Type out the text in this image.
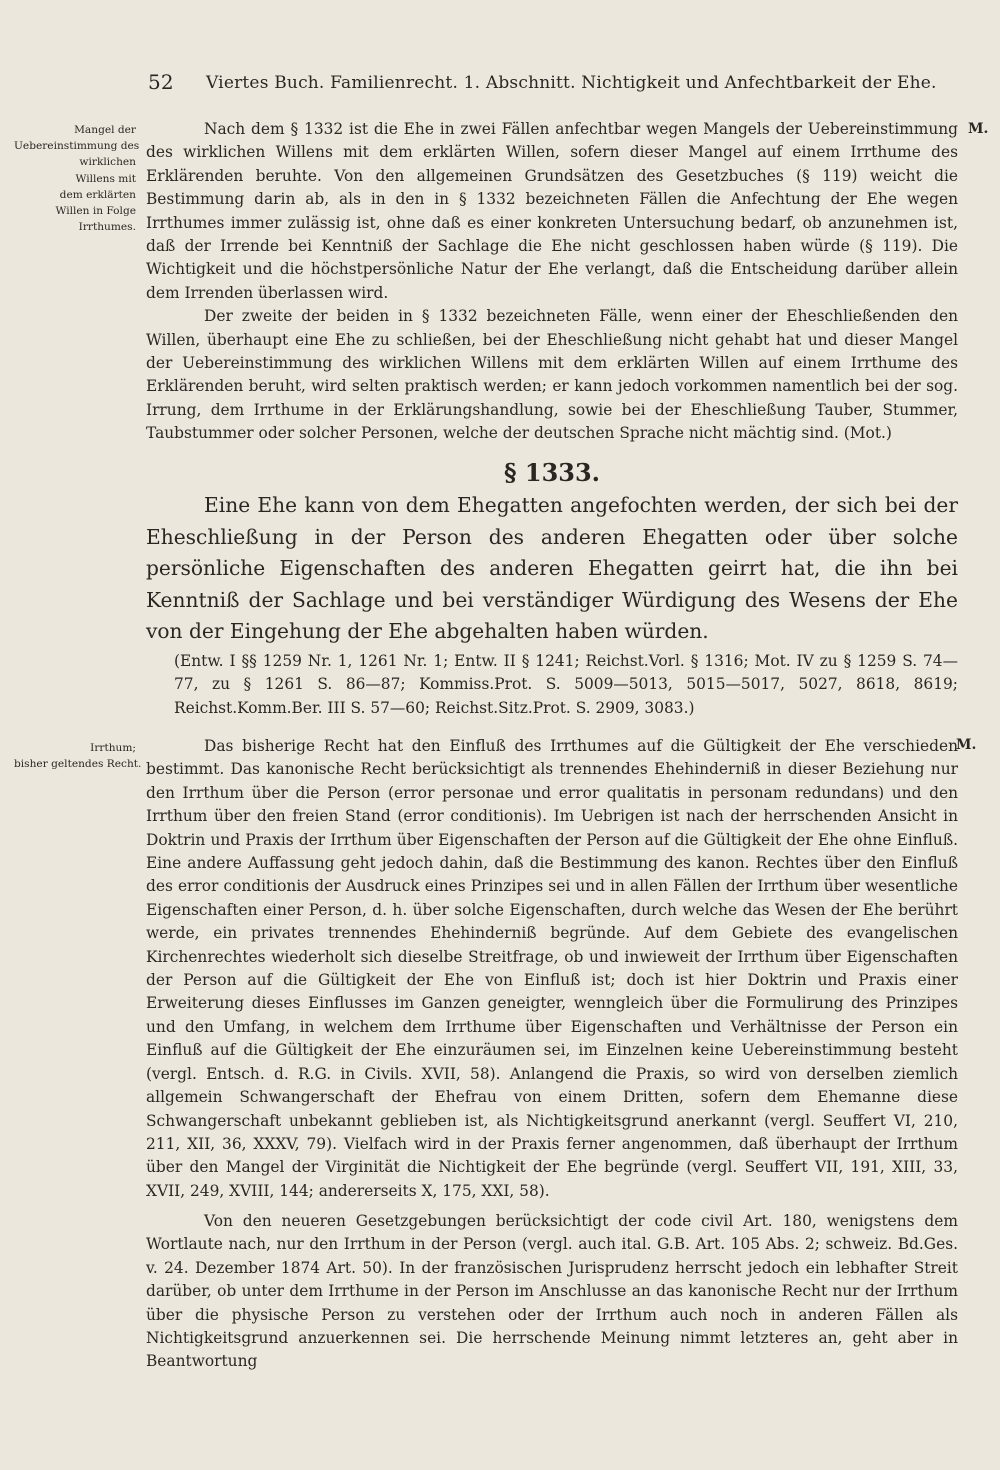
52 Viertes Buch. Familienrecht. 1. Abschnitt. Nichtigkeit und Anfechtbarkeit der Ehe.
M.
M.
Mangel der
Uebereinstimmung des
wirklichen
Willens mit
dem erklärten
Willen in Folge
Irrthumes.

Nach dem § 1332 ist die Ehe in zwei Fällen anfechtbar wegen Mangels der Uebereinstimmung des wirklichen Willens mit dem erklärten Willen, sofern dieser Mangel auf einem Irrthume des Erklärenden beruhte. Von den allgemeinen Grundsätzen des Gesetzbuches (§ 119) weicht die Bestimmung darin ab, als in den in § 1332 bezeichneten Fällen die Anfechtung der Ehe wegen Irrthumes immer zulässig ist, ohne daß es einer konkreten Untersuchung bedarf, ob anzunehmen ist, daß der Irrende bei Kenntniß der Sachlage die Ehe nicht geschlossen haben würde (§ 119). Die Wichtigkeit und die höchstpersönliche Natur der Ehe verlangt, daß die Entscheidung darüber allein dem Irrenden überlassen wird.

Der zweite der beiden in § 1332 bezeichneten Fälle, wenn einer der Eheschließenden den Willen, überhaupt eine Ehe zu schließen, bei der Eheschließung nicht gehabt hat und dieser Mangel der Uebereinstimmung des wirklichen Willens mit dem erklärten Willen auf einem Irrthume des Erklärenden beruht, wird selten praktisch werden; er kann jedoch vorkommen namentlich bei der sog. Irrung, dem Irrthume in der Erklärungshandlung, sowie bei der Eheschließung Tauber, Stummer, Taubstummer oder solcher Personen, welche der deutschen Sprache nicht mächtig sind. (Mot.)

§ 1333.

Eine Ehe kann von dem Ehegatten angefochten werden, der sich bei der Eheschließung in der Person des anderen Ehegatten oder über solche persönliche Eigenschaften des anderen Ehegatten geirrt hat, die ihn bei Kenntniß der Sachlage und bei verständiger Würdigung des Wesens der Ehe von der Eingehung der Ehe abgehalten haben würden.

(Entw. I §§ 1259 Nr. 1, 1261 Nr. 1; Entw. II § 1241; Reichst.Vorl. § 1316; Mot. IV zu § 1259 S. 74—77, zu § 1261 S. 86—87; Kommiss.Prot. S. 5009—5013, 5015—5017, 5027, 8618, 8619; Reichst.Komm.Ber. III S. 57—60; Reichst.Sitz.Prot. S. 2909, 3083.)

Irrthum;
bisher geltendes Recht.

Das bisherige Recht hat den Einfluß des Irrthumes auf die Gültigkeit der Ehe verschieden bestimmt. Das kanonische Recht berücksichtigt als trennendes Ehehinderniß in dieser Beziehung nur den Irrthum über die Person (error personae und error qualitatis in personam redundans) und den Irrthum über den freien Stand (error conditionis). Im Uebrigen ist nach der herrschenden Ansicht in Doktrin und Praxis der Irrthum über Eigenschaften der Person auf die Gültigkeit der Ehe ohne Einfluß. Eine andere Auffassung geht jedoch dahin, daß die Bestimmung des kanon. Rechtes über den Einfluß des error conditionis der Ausdruck eines Prinzipes sei und in allen Fällen der Irrthum über wesentliche Eigenschaften einer Person, d. h. über solche Eigenschaften, durch welche das Wesen der Ehe berührt werde, ein privates trennendes Ehehinderniß begründe. Auf dem Gebiete des evangelischen Kirchenrechtes wiederholt sich dieselbe Streitfrage, ob und inwieweit der Irrthum über Eigenschaften der Person auf die Gültigkeit der Ehe von Einfluß ist; doch ist hier Doktrin und Praxis einer Erweiterung dieses Einflusses im Ganzen geneigter, wenngleich über die Formulirung des Prinzipes und den Umfang, in welchem dem Irrthume über Eigenschaften und Verhältnisse der Person ein Einfluß auf die Gültigkeit der Ehe einzuräumen sei, im Einzelnen keine Uebereinstimmung besteht (vergl. Entsch. d. R.G. in Civils. XVII, 58). Anlangend die Praxis, so wird von derselben ziemlich allgemein Schwangerschaft der Ehefrau von einem Dritten, sofern dem Ehemanne diese Schwangerschaft unbekannt geblieben ist, als Nichtigkeitsgrund anerkannt (vergl. Seuffert VI, 210, 211, XII, 36, XXXV, 79). Vielfach wird in der Praxis ferner angenommen, daß überhaupt der Irrthum über den Mangel der Virginität die Nichtigkeit der Ehe begründe (vergl. Seuffert VII, 191, XIII, 33, XVII, 249, XVIII, 144; andererseits X, 175, XXI, 58).

Von den neueren Gesetzgebungen berücksichtigt der code civil Art. 180, wenigstens dem Wortlaute nach, nur den Irrthum in der Person (vergl. auch ital. G.B. Art. 105 Abs. 2; schweiz. Bd.Ges. v. 24. Dezember 1874 Art. 50). In der französischen Jurisprudenz herrscht jedoch ein lebhafter Streit darüber, ob unter dem Irrthume in der Person im Anschlusse an das kanonische Recht nur der Irrthum über die physische Person zu verstehen oder der Irrthum auch noch in anderen Fällen als Nichtigkeitsgrund anzuerkennen sei. Die herrschende Meinung nimmt letzteres an, geht aber in Beantwortung
